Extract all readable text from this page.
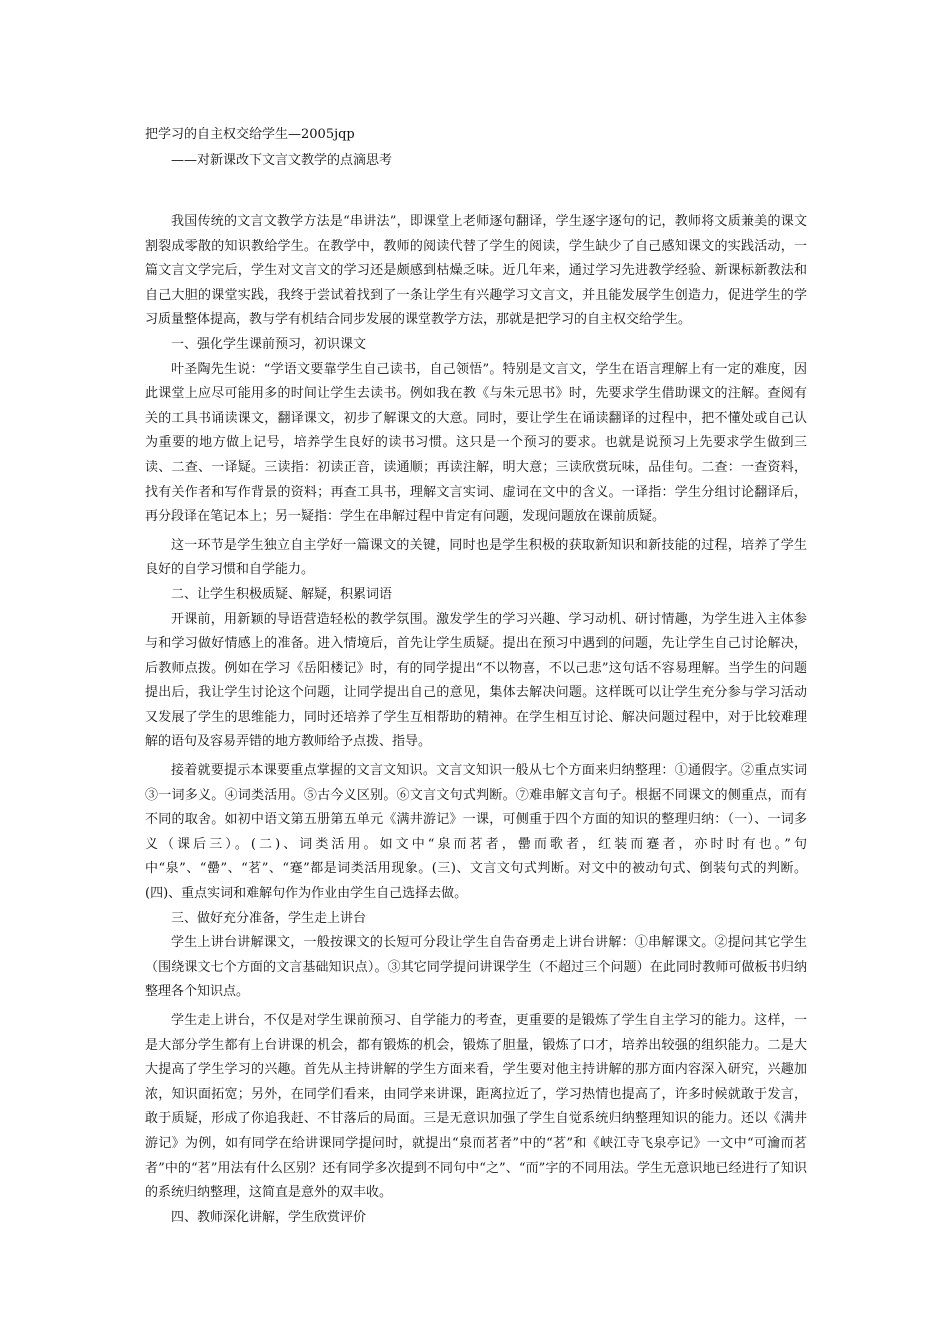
把学习的自主权交给学生—2005jqp

——对新课改下文言文教学的点滴思考

我国传统的文言文教学方法是“串讲法”，即课堂上老师逐句翻译，学生逐字逐句的记，教师将文质兼美的课文割裂成零散的知识教给学生。在教学中，教师的阅读代替了学生的阅读，学生缺少了自己感知课文的实践活动，一篇文言文学完后，学生对文言文的学习还是颇感到枯燥乏味。近几年来，通过学习先进教学经验、新课标新教法和自己大胆的课堂实践，我终于尝试着找到了一条让学生有兴趣学习文言文，并且能发展学生创造力，促进学生的学习质量整体提高，教与学有机结合同步发展的课堂教学方法，那就是把学习的自主权交给学生。

一、强化学生课前预习，初识课文

叶圣陶先生说：“学语文要靠学生自己读书，自己领悟”。特别是文言文，学生在语言理解上有一定的难度，因此课堂上应尽可能用多的时间让学生去读书。例如我在教《与朱元思书》时，先要求学生借助课文的注解。查阅有关的工具书诵读课文，翻译课文，初步了解课文的大意。同时，要让学生在诵读翻译的过程中，把不懂处或自己认为重要的地方做上记号，培养学生良好的读书习惯。这只是一个预习的要求。也就是说预习上先要求学生做到三读、二查、一译疑。三读指：初读正音，读通顺；再读注解，明大意；三读欣赏玩味，品佳句。二查：一查资料，找有关作者和写作背景的资料；再查工具书，理解文言实词、虚词在文中的含义。一译指：学生分组讨论翻译后，再分段译在笔记本上；另一疑指：学生在串解过程中肯定有问题，发现问题放在课前质疑。

这一环节是学生独立自主学好一篇课文的关键，同时也是学生积极的获取新知识和新技能的过程，培养了学生良好的自学习惯和自学能力。

二、让学生积极质疑、解疑，积累词语

开课前，用新颖的导语营造轻松的教学氛围。激发学生的学习兴趣、学习动机、研讨情趣，为学生进入主体参与和学习做好情感上的准备。进入情境后，首先让学生质疑。提出在预习中遇到的问题，先让学生自己讨论解决，后教师点拨。例如在学习《岳阳楼记》时，有的同学提出“不以物喜，不以己悲”这句话不容易理解。当学生的问题提出后，我让学生讨论这个问题，让同学提出自己的意见，集体去解决问题。这样既可以让学生充分参与学习活动又发展了学生的思维能力，同时还培养了学生互相帮助的精神。在学生相互讨论、解决问题过程中，对于比较难理解的语句及容易弄错的地方教师给予点拨、指导。

接着就要提示本课要重点掌握的文言文知识。文言文知识一般从七个方面来归纳整理：①通假字。②重点实词③一词多义。④词类活用。⑤古今义区别。⑥文言文句式判断。⑦难串解文言句子。根据不同课文的侧重点，而有不同的取舍。如初中语文第五册第五单元《满井游记》一课，可侧重于四个方面的知识的整理归纳：（一）、一词多义（课后三）。(二)、词类活用。如文中“泉而茗者，罍而歌者，红装而蹇者，亦时时有也。”句中“泉”、“罍”、“茗”、“蹇”都是词类活用现象。(三)、文言文句式判断。对文中的被动句式、倒装句式的判断。(四)、重点实词和难解句作为作业由学生自己选择去做。

三、做好充分准备，学生走上讲台

学生上讲台讲解课文，一般按课文的长短可分段让学生自告奋勇走上讲台讲解：①串解课文。②提问其它学生（围绕课文七个方面的文言基础知识点）。③其它同学提问讲课学生（不超过三个问题）在此同时教师可做板书归纳整理各个知识点。

学生走上讲台，不仅是对学生课前预习、自学能力的考查，更重要的是锻炼了学生自主学习的能力。这样，一是大部分学生都有上台讲课的机会，都有锻炼的机会，锻炼了胆量，锻炼了口才，培养出较强的组织能力。二是大大提高了学生学习的兴趣。首先从主持讲解的学生方面来看，学生要对他主持讲解的那方面内容深入研究，兴趣加浓，知识面拓宽；另外，在同学们看来，由同学来讲课，距离拉近了，学习热情也提高了，许多时候就敢于发言，敢于质疑，形成了你追我赶、不甘落后的局面。三是无意识加强了学生自觉系统归纳整理知识的能力。还以《满井游记》为例，如有同学在给讲课同学提问时，就提出“泉而茗者”中的“茗”和《峡江寺飞泉亭记》一文中“可瀹而茗者”中的“茗”用法有什么区别？还有同学多次提到不同句中“之”、“而”字的不同用法。学生无意识地已经进行了知识的系统归纳整理，这简直是意外的双丰收。

四、教师深化讲解，学生欣赏评价
